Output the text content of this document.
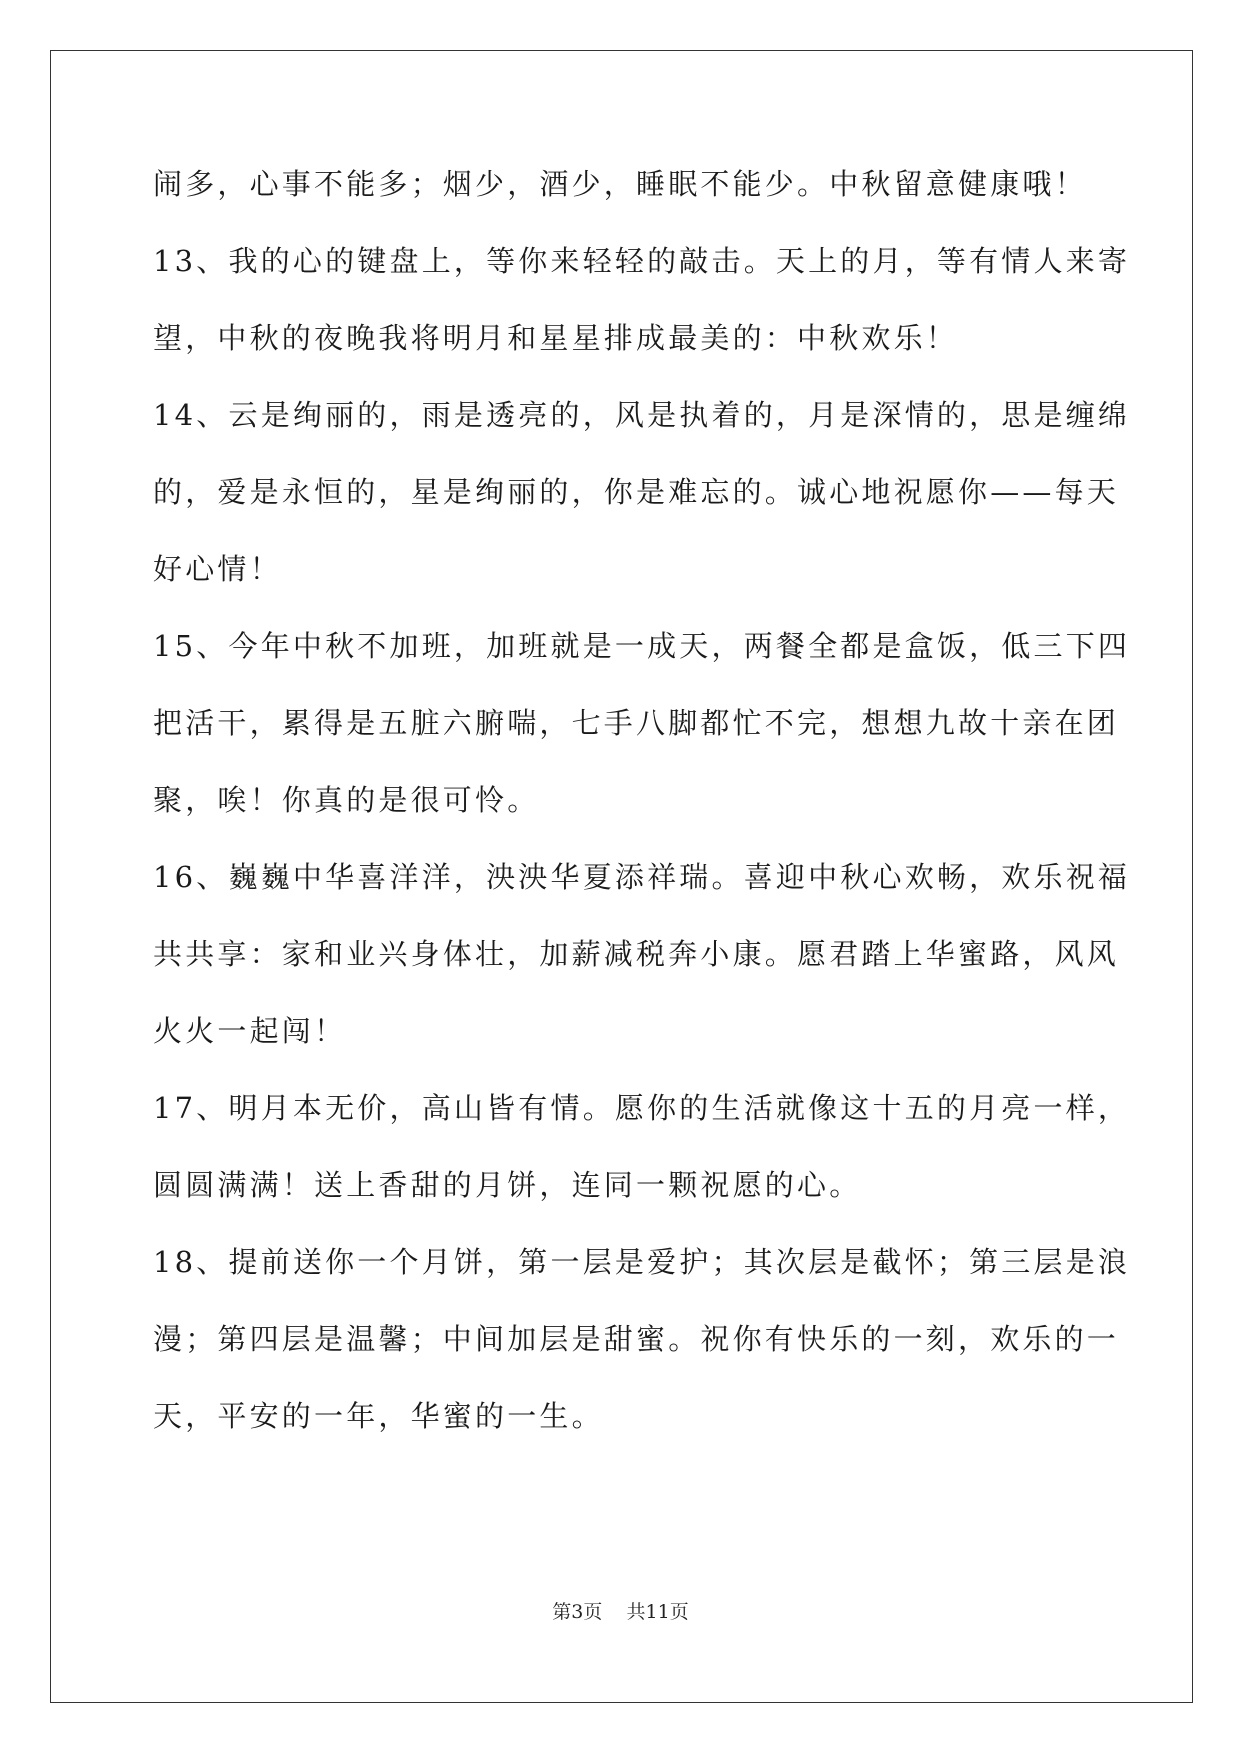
闹多，心事不能多；烟少，酒少，睡眠不能少。中秋留意健康哦！
13、我的心的键盘上，等你来轻轻的敲击。天上的月，等有情人来寄
望，中秋的夜晚我将明月和星星排成最美的：中秋欢乐！
14、云是绚丽的，雨是透亮的，风是执着的，月是深情的，思是缠绵
的，爱是永恒的，星是绚丽的，你是难忘的。诚心地祝愿你——每天
好心情！
15、今年中秋不加班，加班就是一成天，两餐全都是盒饭，低三下四
把活干，累得是五脏六腑喘，七手八脚都忙不完，想想九故十亲在团
聚，唉！你真的是很可怜。
16、巍巍中华喜洋洋，泱泱华夏添祥瑞。喜迎中秋心欢畅，欢乐祝福
共共享：家和业兴身体壮，加薪减税奔小康。愿君踏上华蜜路，风风
火火一起闯！
17、明月本无价，高山皆有情。愿你的生活就像这十五的月亮一样，
圆圆满满！送上香甜的月饼，连同一颗祝愿的心。
18、提前送你一个月饼，第一层是爱护；其次层是截怀；第三层是浪
漫；第四层是温馨；中间加层是甜蜜。祝你有快乐的一刻，欢乐的一
天，平安的一年，华蜜的一生。
第3页 共11页
